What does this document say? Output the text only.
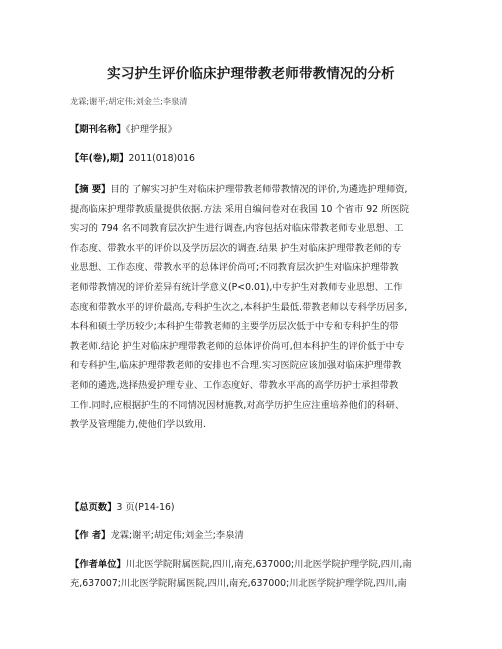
实习护生评价临床护理带教老师带教情况的分析
龙霖;谢平;胡定伟;刘金兰;李泉清
【期刊名称】《护理学报》
【年(卷),期】2011(018)016
【摘 要】目的 了解实习护生对临床护理带教老师带教情况的评价,为遴选护理师资,
提高临床护理带教质量提供依据.方法 采用自编问卷对在我国 10 个省市 92 所医院
实习的 794 名不同教育层次护生进行调查,内容包括对临床带教老师专业思想、工
作态度、带教水平的评价以及学历层次的调查.结果 护生对临床护理带教老师的专
业思想、工作态度、带教水平的总体评价尚可;不同教育层次护生对临床护理带教
老师带教情况的评价差异有统计学意义(P<0.01),中专护生对教师专业思想、工作
态度和带教水平的评价最高,专科护生次之,本科护生最低.带教老师以专科学历居多,
本科和硕士学历较少;本科护生带教老师的主要学历层次低于中专和专科护生的带
教老师.结论 护生对临床护理带教老师的总体评价尚可,但本科护生的评价低于中专
和专科护生,临床护理带教老师的安排也不合理.实习医院应该加强对临床护理带教
老师的遴选,选择热爱护理专业、工作态度好、带教水平高的高学历护士承担带教
工作.同时,应根据护生的不同情况因材施教,对高学历护生应注重培养他们的科研、
教学及管理能力,使他们学以致用.
【总页数】3 页(P14-16)
【作 者】龙霖;谢平;胡定伟;刘金兰;李泉清
【作者单位】川北医学院附属医院,四川,南充,637000;川北医学院护理学院,四川,南
充,637007;川北医学院附属医院,四川,南充,637000;川北医学院护理学院,四川,南
